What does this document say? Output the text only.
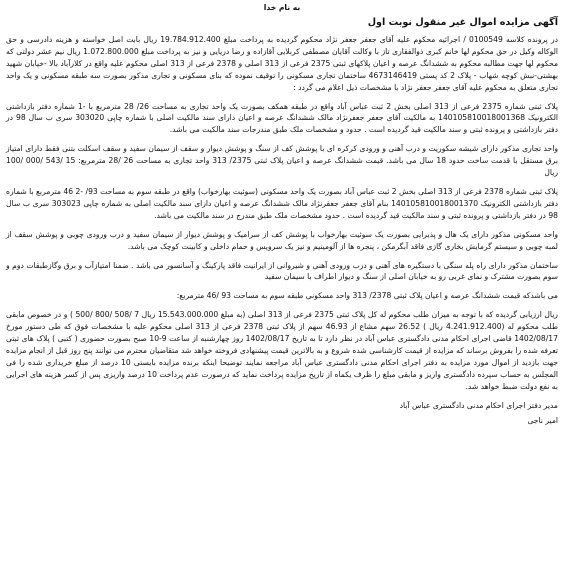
به نام خدا
آگهی مزایده اموال غیر منقول نوبت اول

در پرونده کلاسه 0100549 / اجرائیه محکوم علیه آقای جعفر جعفر نژاد محکوم گردیده به پرداخت مبلغ 19.784.912.400 ریال بابت اصل خواسته و هزینه دادرسی و حق الوکاله وکیل در حق محکوم لها خانم کبری ذوالفقاری تاز با وکالت آقایان مصطفی کربلایی آقازاده و رضا دریایی و نیز به پرداخت مبلغ 1.072.800.000 ریال نیم عشر دولتی که محکوم لها جهت مطالبه محکوم به ششدانگ عرصه و اعیان پلاکهای ثبتی 2375 فرعی از 313 اصلی و 2378 فرعی از 313 اصلی محکوم علیه واقع در کلارآباد بالا -خیابان شهید بهشتی-نبش کوچه شهاب - پلاک 2 کد پستی 4673146419 ساختمان تجاری مسکونی را توقیف نموده که بنای مسکونی و تجاری مذکور بصورت سه طبقه مسکونی و یک واحد تجاری متعلق به محکوم علیه آقای جعفر جعفر نژاد با مشخصات ذیل اعلام می گردد :

پلاک ثبتی شماره 2375 فرعی از 313 اصلی بخش 2 ثبت عباس آباد واقع در طبقه همکف بصورت یک واحد تجاری به مساحت 26/ 28 مترمربع با -1 شماره دفتر بازداشتی الکترونیک 140105810018001368 به مالکیت آقای جعفر جعفرنژاد مالک ششدانگ عرصه و اعیان دارای سند مالکیت اصلی با شماره چاپی 303020 سری ب سال 98 در دفتر بازداشتی و پرونده ثبتی و سند مالکیت قید گردیده است . حدود و مشخصات ملک طبق مندرجات سند مالکیت می باشد.

واحد تجاری مذکور دارای شیشه سکوریت و درب آهنی و ورودی کرکره ای با پوشش کف از سنگ و پوشش دیوار و سقف از سیمان سفید و سقف اسکلت بتنی فقط دارای امتیاز برق مستقل با قدمت ساخت حدود 18 سال می باشد. قیمت ششدانگ عرصه و اعیان پلاک ثبتی 2375/ 313 واحد تجاری به مساحت 26 /28 مترمربع: 15 /543 /000 /100 ریال

پلاک ثبتی شماره 2378 فرعی از 313 اصلی بخش 2 ثبت عباس آباد بصورت یک واحد مسکونی (سوئیت بهارخواب) واقع در طبقه سوم به مساحت 93/ -2 46 مترمربع با شماره دفتر بازداشتی الکترونیک 140105810018001370 بنام آقای جعفر جعفرنژاد مالک ششدانگ عرصه و اعیان دارای سند مالکیت اصلی به شماره چاپی 303023 سری ب سال 98 در دفتر بازداشتی و پرونده ثبتی و سند مالکیت قید گردیده است . حدود مشخصات ملک طبق مندرج در سند مالکیت می باشد.

واحد مسکونی مذکور دارای یک هال و پذیرایی بصورت یک سوئیت بهارخواب با پوشش کف از سرامیک و پوشش دیوار از سیمان سفید و درب ورودی چوبی و پوشش سقف از لمبه چوبی و سیستم گرمایش بخاری گازی فاقد آبگرمکن ، پنجره ها از آلومینیم و نیز یک سرویس و حمام داخلی و کابینت کوچک می باشد.

ساختمان مذکور دارای راه پله سنگی با دستگیره های آهنی و درب ورودی آهنی و شیروانی از ایرانیت فاقد پارکینگ و آسانسور می باشد . ضمنا امتیازآب و برق وگازطبقات دوم و سوم بصورت مشترک و نمای غربی رو به خیابان اصلی از سنگ و دیوار اطراف با سیمان سفید

می باشدکه قیمت ششدانگ عرصه و اعیان پلاک ثبتی 2378/ 313 واحد مسکونی طبقه سوم به مساحت 93 /46 مترمربع:

ریال ارزیابی گردیده که با توجه به میزان طلب محکوم له کل پلاک ثبتی 2375 فرعی از 313 اصلی (به مبلغ 15.543.000.000 ریال 7 /508 /800 /500 ) و در خصوص مابقی طلب محکوم له (4.241.912.400 ریال ) 26.52 سهم مشاع از 46.93 سهم از پلاک ثبتی 2378 فرعی از 313 اصلی محکوم علیه با مشخصات فوق که طی دستور مورخ 1402/08/17 قاضی اجرای احکام مدنی دادگستری عباس آباد در نظر دارد تا به تاریخ 1402/08/17 روز چهارشنبه از ساعت 9-10 صبح بصورت حضوری ( کتبی ) پلاک های ثبتی تعرفه شده را بفروش برساند که مزایده از قیمت کارشناسی شده شروع و به بالاترین قیمت پیشنهادی فروخته خواهد شد متقاضیان محترم می توانند پنج روز قبل از انجام مزایده جهت بازدید از اموال مورد مزایده به دفتر اجرای احکام مدنی دادگستری عباس آباد مراجعه نمایند توضیحا اینکه برنده مزایده بایستی 10 درصد از مبلغ خریداری شده را فی المجلس به حساب سپرده دادگستری واریز و مابقی مبلغ را ظرف یکماه از تاریخ مزایده پرداخت نماید که درصورت عدم پرداخت 10 درصد واریزی پس از کسر هزینه های اجرایی به نفع دولت ضبط خواهد شد.

مدیر دفتر اجرای احکام مدنی دادگستری عباس آباد
امیر ناجی
